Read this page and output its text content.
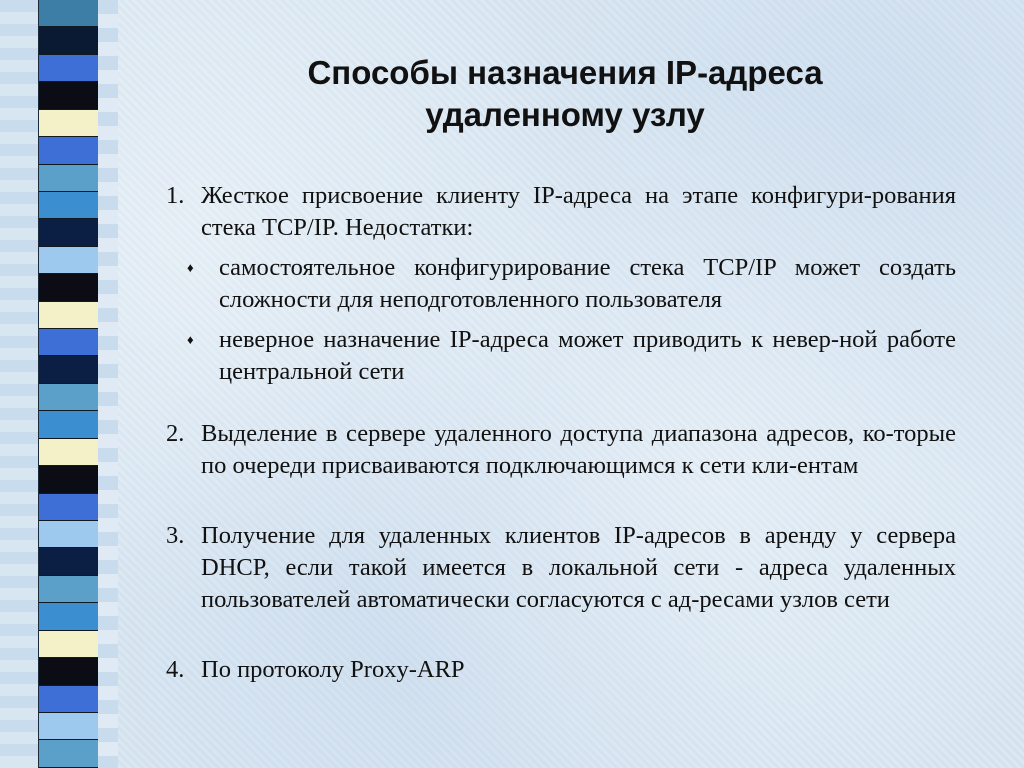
Способы назначения IP-адреса
удаленному узлу
1. Жесткое присвоение клиенту IP-адреса на этапе конфигури-рования стека TCP/IP. Недостатки:
♦ самостоятельное конфигурирование стека TCP/IP может создать сложности для неподготовленного пользователя
♦ неверное назначение IP-адреса может приводить к невер-ной работе центральной сети
2. Выделение в сервере удаленного доступа диапазона адресов, ко-торые по очереди присваиваются подключающимся к сети кли-ентам
3. Получение для удаленных клиентов IP-адресов в аренду у сервера DHCP, если такой имеется в локальной сети - адреса удаленных пользователей автоматически согласуются с ад-ресами узлов сети
4. По протоколу Proxy-ARP
